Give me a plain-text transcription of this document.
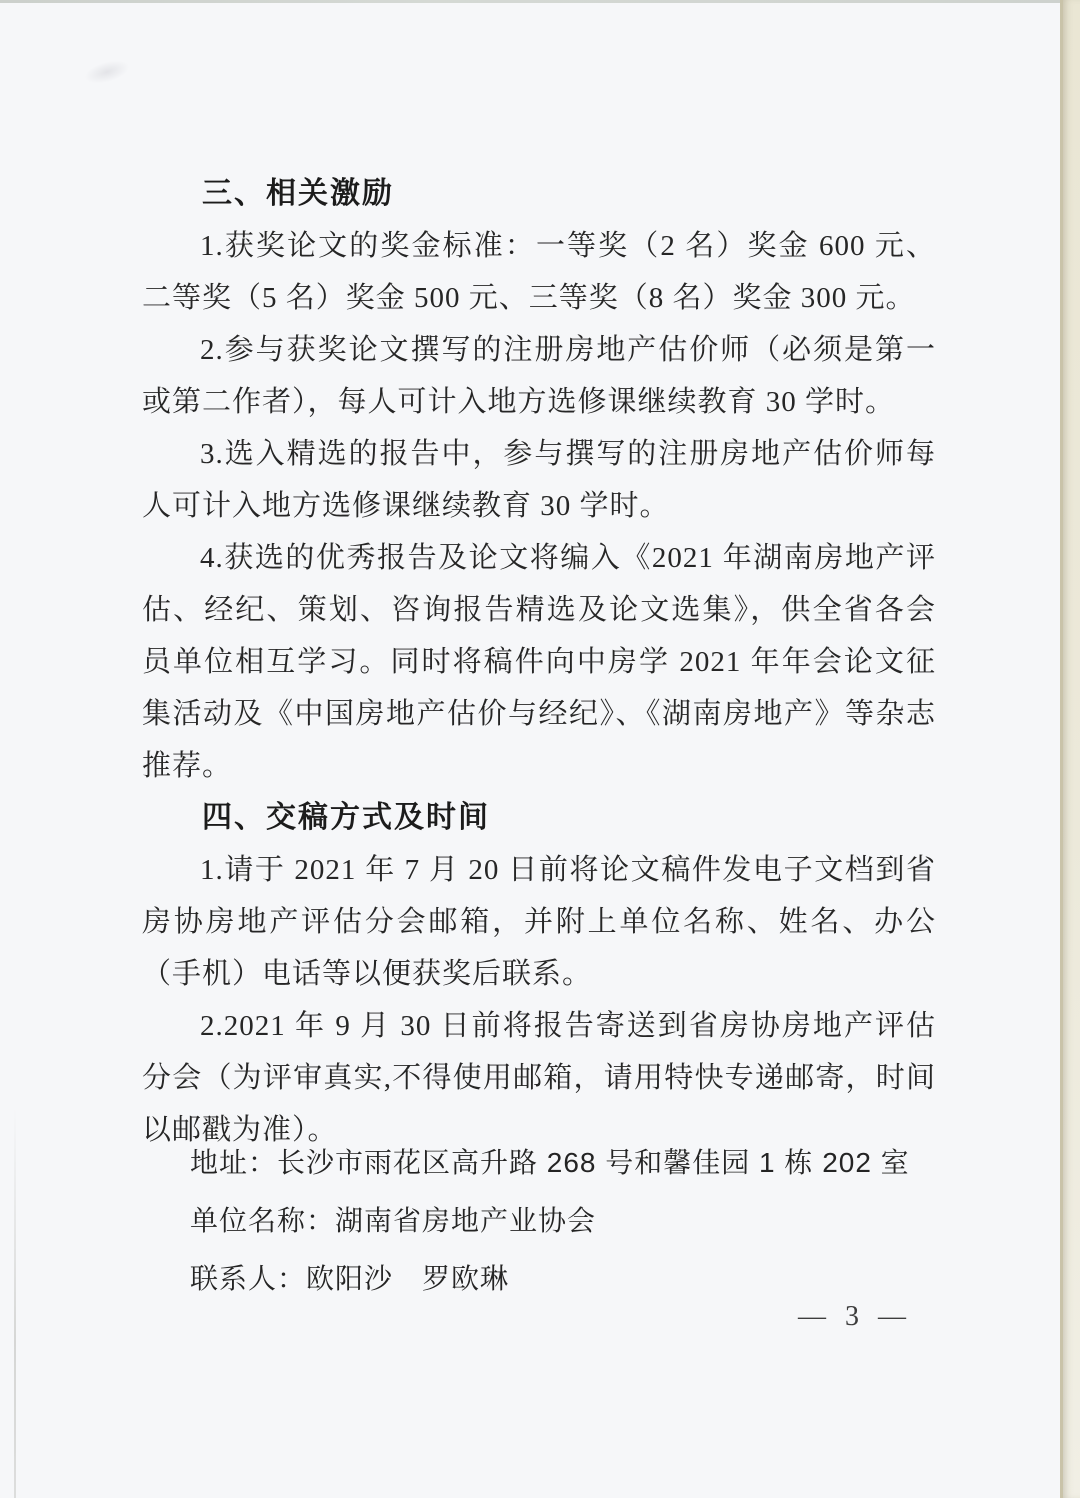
三、相关激励

1.获奖论文的奖金标准：一等奖（2 名）奖金 600 元、二等奖（5 名）奖金 500 元、三等奖（8 名）奖金 300 元。

2.参与获奖论文撰写的注册房地产估价师（必须是第一或第二作者），每人可计入地方选修课继续教育 30 学时。

3.选入精选的报告中，参与撰写的注册房地产估价师每人可计入地方选修课继续教育 30 学时。

4.获选的优秀报告及论文将编入《2021 年湖南房地产评估、经纪、策划、咨询报告精选及论文选集》，供全省各会员单位相互学习。同时将稿件向中房学 2021 年年会论文征集活动及《中国房地产估价与经纪》、《湖南房地产》等杂志推荐。

四、交稿方式及时间

1.请于 2021 年 7 月 20 日前将论文稿件发电子文档到省房协房地产评估分会邮箱，并附上单位名称、姓名、办公（手机）电话等以便获奖后联系。

2.2021 年 9 月 30 日前将报告寄送到省房协房地产评估分会（为评审真实,不得使用邮箱，请用特快专递邮寄，时间以邮戳为准）。

地址：长沙市雨花区高升路 268 号和馨佳园 1 栋 202 室

单位名称：湖南省房地产业协会

联系人：欧阳沙　罗欧琳

— 3 —
